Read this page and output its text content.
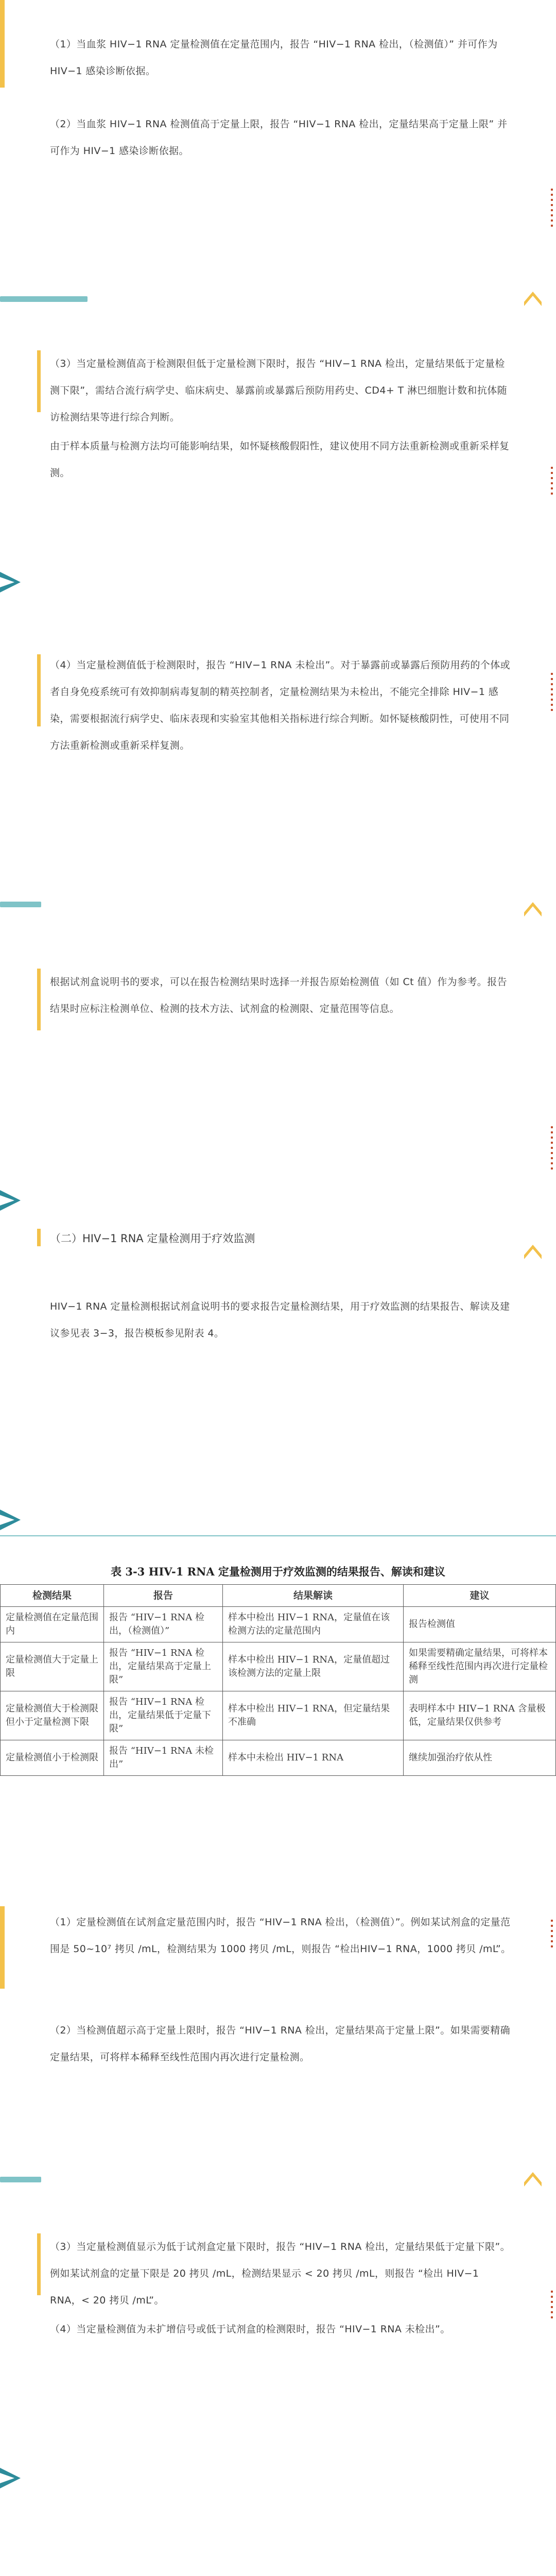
（1）当血浆 HIV−1 RNA 定量检测值在定量范围内，报告 “HIV−1 RNA 检出，（检测值）” 并可作为 HIV−1 感染诊断依据。

（2）当血浆 HIV−1 RNA 检测值高于定量上限，报告 “HIV−1 RNA 检出，定量结果高于定量上限” 并可作为 HIV−1 感染诊断依据。

（3）当定量检测值高于检测限但低于定量检测下限时，报告 “HIV−1 RNA 检出，定量结果低于定量检测下限”，需结合流行病学史、临床病史、暴露前或暴露后预防用药史、CD4+ T 淋巴细胞计数和抗体随访检测结果等进行综合判断。

由于样本质量与检测方法均可能影响结果，如怀疑核酸假阳性，建议使用不同方法重新检测或重新采样复测。

（4）当定量检测值低于检测限时，报告 “HIV−1 RNA 未检出”。对于暴露前或暴露后预防用药的个体或者自身免疫系统可有效抑制病毒复制的精英控制者，定量检测结果为未检出，不能完全排除 HIV−1 感染，需要根据流行病学史、临床表现和实验室其他相关指标进行综合判断。如怀疑核酸阴性，可使用不同方法重新检测或重新采样复测。

根据试剂盒说明书的要求，可以在报告检测结果时选择一并报告原始检测值（如 Ct 值）作为参考。报告结果时应标注检测单位、检测的技术方法、试剂盒的检测限、定量范围等信息。

（二）HIV−1 RNA 定量检测用于疗效监测

HIV−1 RNA 定量检测根据试剂盒说明书的要求报告定量检测结果，用于疗效监测的结果报告、解读及建议参见表 3−3，报告模板参见附表 4。

表 3-3 HIV-1 RNA 定量检测用于疗效监测的结果报告、解读和建议
检测结果	报告	结果解读	建议
定量检测值在定量范围内	报告 “HIV−1 RNA 检出，（检测值）”	样本中检出 HIV−1 RNA，定量值在该检测方法的定量范围内	报告检测值
定量检测值大于定量上限	报告 “HIV−1 RNA 检出，定量结果高于定量上限”	样本中检出 HIV−1 RNA，定量值超过该检测方法的定量上限	如果需要精确定量结果，可将样本稀释至线性范围内再次进行定量检测
定量检测值大于检测限但小于定量检测下限	报告 “HIV−1 RNA 检出，定量结果低于定量下限”	样本中检出 HIV−1 RNA，但定量结果不准确	表明样本中 HIV−1 RNA 含量极低，定量结果仅供参考
定量检测值小于检测限	报告 “HIV−1 RNA 未检出”	样本中未检出 HIV−1 RNA	继续加强治疗依从性

（1）定量检测值在试剂盒定量范围内时，报告 “HIV−1 RNA 检出，（检测值）”。例如某试剂盒的定量范围是 50~10⁷ 拷贝 /mL，检测结果为 1000 拷贝 /mL，则报告 “检出HIV−1 RNA，1000 拷贝 /mL”。

（2）当检测值超示高于定量上限时，报告 “HIV−1 RNA 检出，定量结果高于定量上限”。如果需要精确定量结果，可将样本稀释至线性范围内再次进行定量检测。

（3）当定量检测值显示为低于试剂盒定量下限时，报告 “HIV−1 RNA 检出，定量结果低于定量下限”。例如某试剂盒的定量下限是 20 拷贝 /mL，检测结果显示 < 20 拷贝 /mL，则报告 “检出 HIV−1 RNA，< 20 拷贝 /mL”。

（4）当定量检测值为未扩增信号或低于试剂盒的检测限时，报告 “HIV−1 RNA 未检出”。
